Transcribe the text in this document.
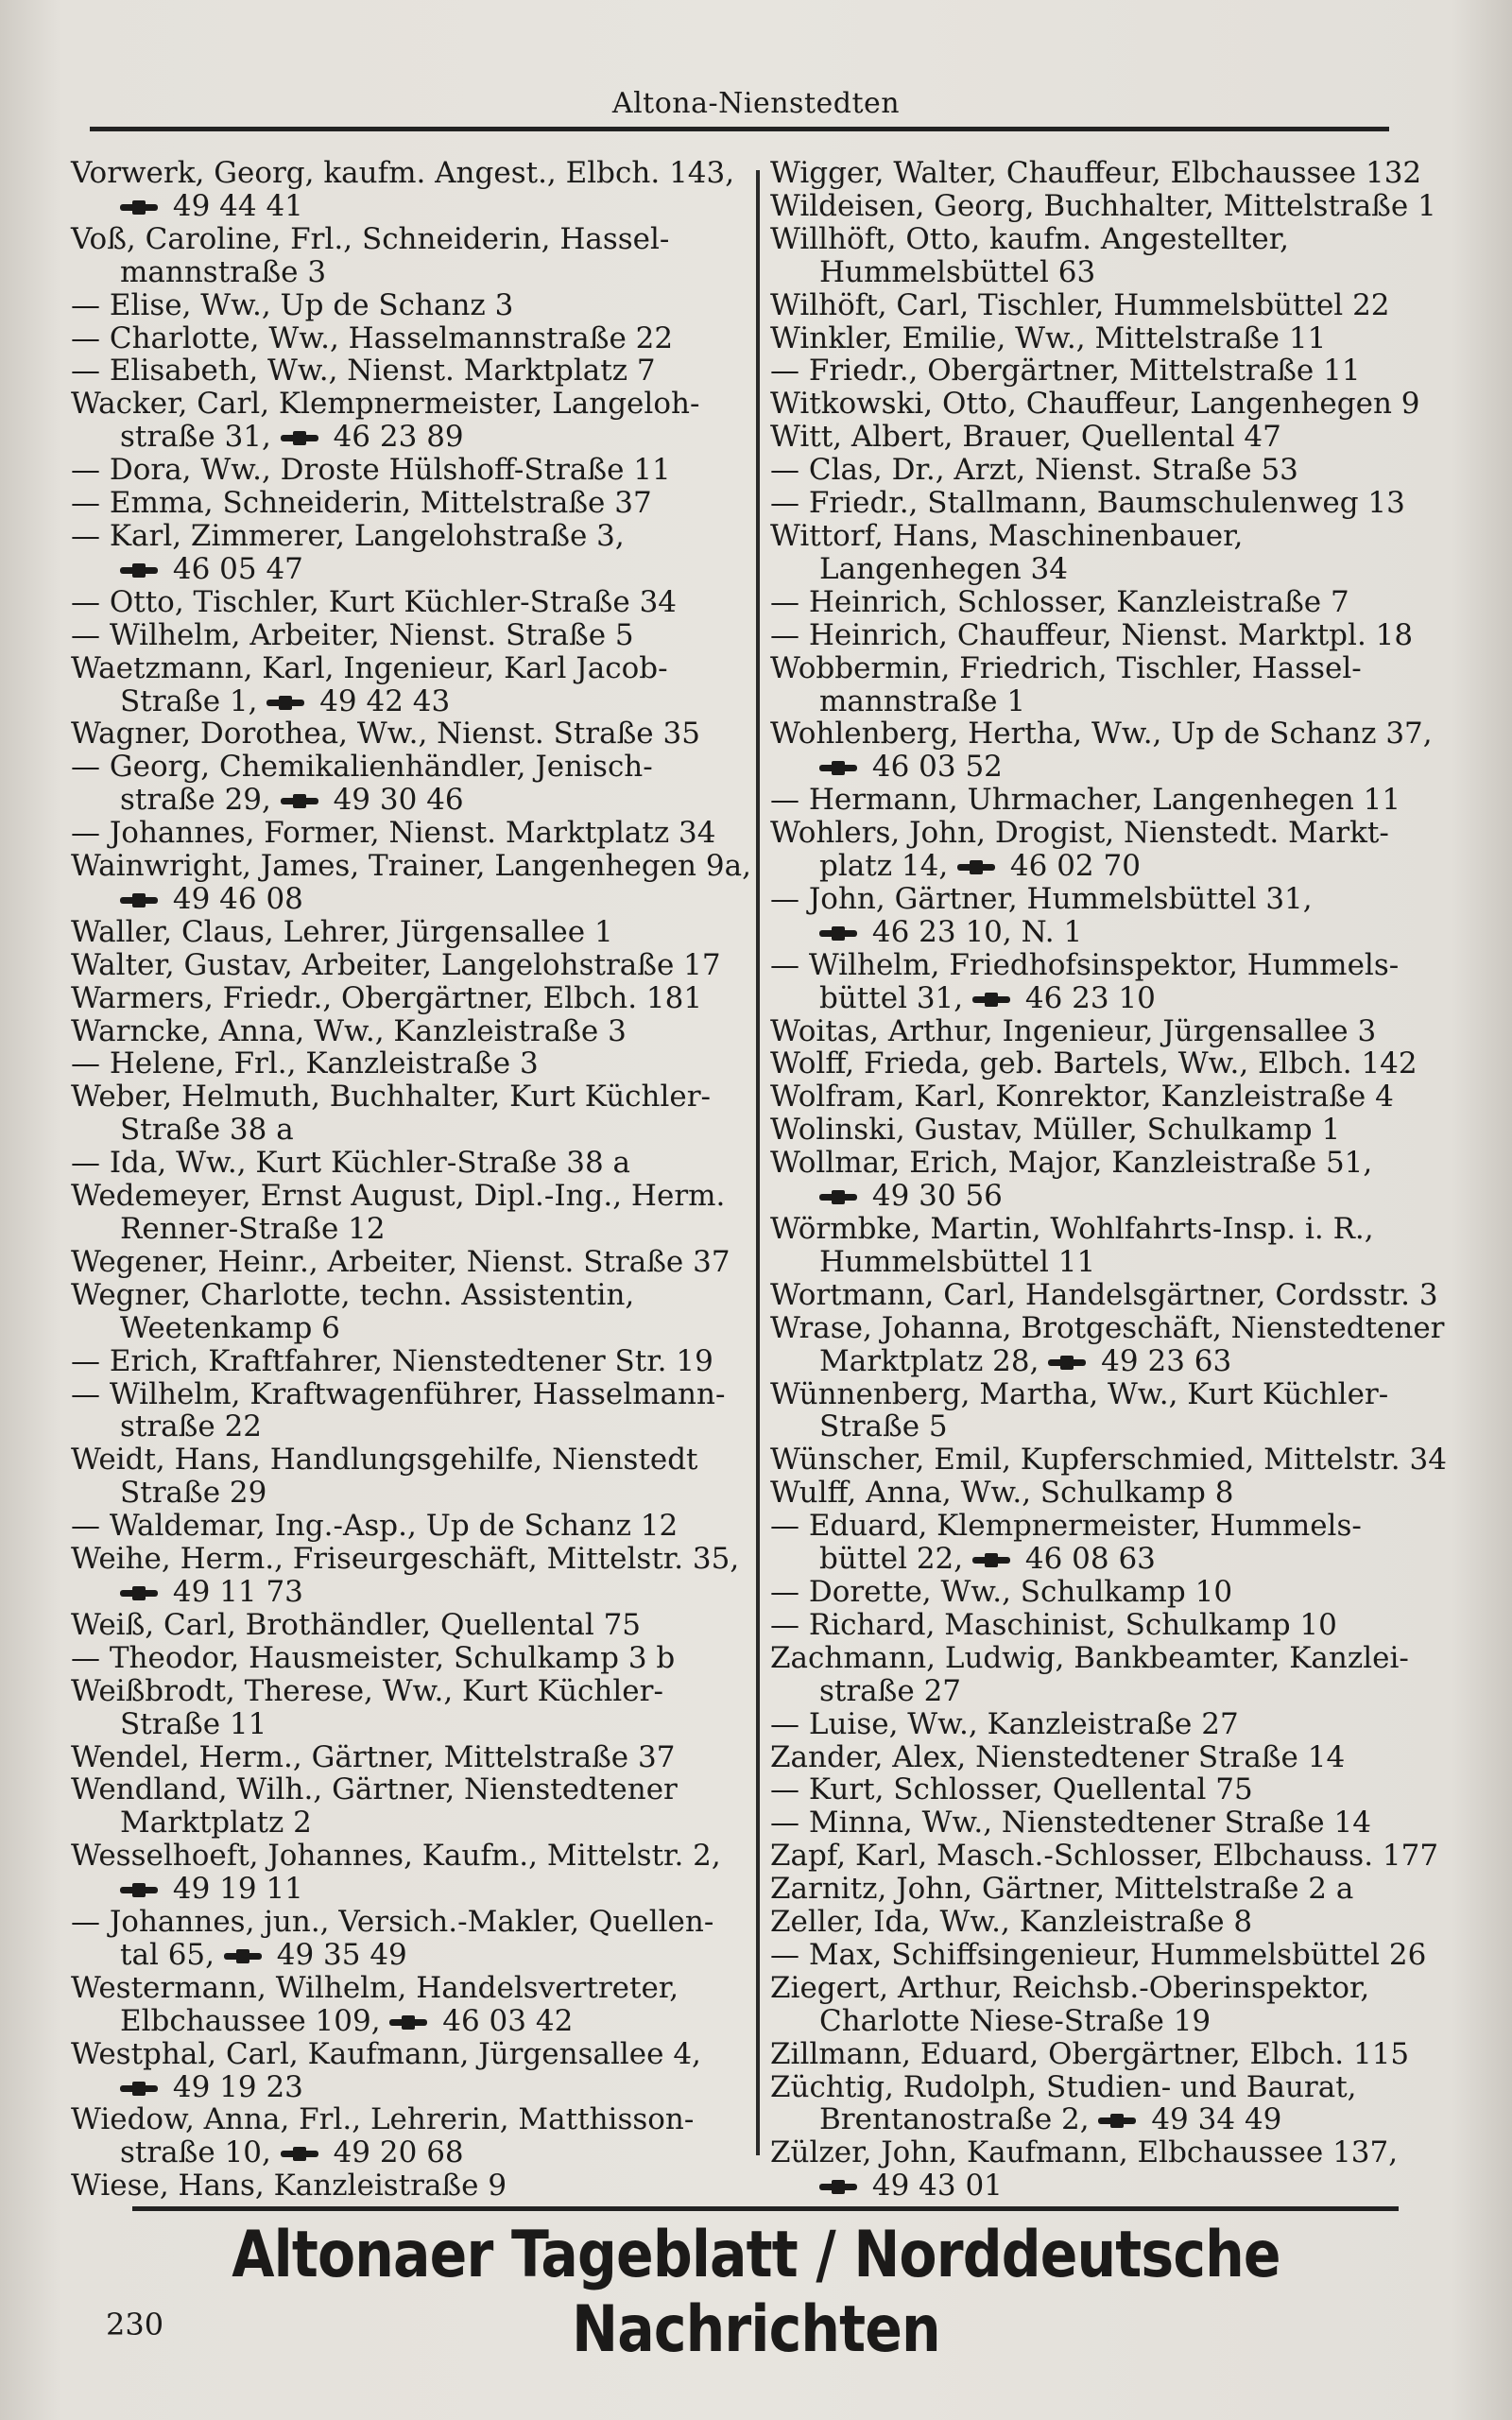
Altona-Nienstedten
Vorwerk, Georg, kaufm. Angest., Elbch. 143,
49 44 41
Voß, Caroline, Frl., Schneiderin, Hassel-
mannstraße 3
— Elise, Ww., Up de Schanz 3
— Charlotte, Ww., Hasselmannstraße 22
— Elisabeth, Ww., Nienst. Marktplatz 7
Wacker, Carl, Klempnermeister, Langeloh-
straße 31,  46 23 89
— Dora, Ww., Droste Hülshoff-Straße 11
— Emma, Schneiderin, Mittelstraße 37
— Karl, Zimmerer, Langelohstraße 3,
46 05 47
— Otto, Tischler, Kurt Küchler-Straße 34
— Wilhelm, Arbeiter, Nienst. Straße 5
Waetzmann, Karl, Ingenieur, Karl Jacob-
Straße 1,  49 42 43
Wagner, Dorothea, Ww., Nienst. Straße 35
— Georg, Chemikalienhändler, Jenisch-
straße 29,  49 30 46
— Johannes, Former, Nienst. Marktplatz 34
Wainwright, James, Trainer, Langenhegen 9a,
49 46 08
Waller, Claus, Lehrer, Jürgensallee 1
Walter, Gustav, Arbeiter, Langelohstraße 17
Warmers, Friedr., Obergärtner, Elbch. 181
Warncke, Anna, Ww., Kanzleistraße 3
— Helene, Frl., Kanzleistraße 3
Weber, Helmuth, Buchhalter, Kurt Küchler-
Straße 38 a
— Ida, Ww., Kurt Küchler-Straße 38 a
Wedemeyer, Ernst August, Dipl.-Ing., Herm.
Renner-Straße 12
Wegener, Heinr., Arbeiter, Nienst. Straße 37
Wegner, Charlotte, techn. Assistentin,
Weetenkamp 6
— Erich, Kraftfahrer, Nienstedtener Str. 19
— Wilhelm, Kraftwagenführer, Hasselmann-
straße 22
Weidt, Hans, Handlungsgehilfe, Nienstedt
Straße 29
— Waldemar, Ing.-Asp., Up de Schanz 12
Weihe, Herm., Friseurgeschäft, Mittelstr. 35,
49 11 73
Weiß, Carl, Brothändler, Quellental 75
— Theodor, Hausmeister, Schulkamp 3 b
Weißbrodt, Therese, Ww., Kurt Küchler-
Straße 11
Wendel, Herm., Gärtner, Mittelstraße 37
Wendland, Wilh., Gärtner, Nienstedtener
Marktplatz 2
Wesselhoeft, Johannes, Kaufm., Mittelstr. 2,
49 19 11
— Johannes, jun., Versich.-Makler, Quellen-
tal 65,  49 35 49
Westermann, Wilhelm, Handelsvertreter,
Elbchaussee 109,  46 03 42
Westphal, Carl, Kaufmann, Jürgensallee 4,
49 19 23
Wiedow, Anna, Frl., Lehrerin, Matthisson-
straße 10,  49 20 68
Wiese, Hans, Kanzleistraße 9
Wigger, Walter, Chauffeur, Elbchaussee 132
Wildeisen, Georg, Buchhalter, Mittelstraße 1
Willhöft, Otto, kaufm. Angestellter,
Hummelsbüttel 63
Wilhöft, Carl, Tischler, Hummelsbüttel 22
Winkler, Emilie, Ww., Mittelstraße 11
— Friedr., Obergärtner, Mittelstraße 11
Witkowski, Otto, Chauffeur, Langenhegen 9
Witt, Albert, Brauer, Quellental 47
— Clas, Dr., Arzt, Nienst. Straße 53
— Friedr., Stallmann, Baumschulenweg 13
Wittorf, Hans, Maschinenbauer,
Langenhegen 34
— Heinrich, Schlosser, Kanzleistraße 7
— Heinrich, Chauffeur, Nienst. Marktpl. 18
Wobbermin, Friedrich, Tischler, Hassel-
mannstraße 1
Wohlenberg, Hertha, Ww., Up de Schanz 37,
46 03 52
— Hermann, Uhrmacher, Langenhegen 11
Wohlers, John, Drogist, Nienstedt. Markt-
platz 14,  46 02 70
— John, Gärtner, Hummelsbüttel 31,
46 23 10, N. 1
— Wilhelm, Friedhofsinspektor, Hummels-
büttel 31,  46 23 10
Woitas, Arthur, Ingenieur, Jürgensallee 3
Wolff, Frieda, geb. Bartels, Ww., Elbch. 142
Wolfram, Karl, Konrektor, Kanzleistraße 4
Wolinski, Gustav, Müller, Schulkamp 1
Wollmar, Erich, Major, Kanzleistraße 51,
49 30 56
Wörmbke, Martin, Wohlfahrts-Insp. i. R.,
Hummelsbüttel 11
Wortmann, Carl, Handelsgärtner, Cordsstr. 3
Wrase, Johanna, Brotgeschäft, Nienstedtener
Marktplatz 28,  49 23 63
Wünnenberg, Martha, Ww., Kurt Küchler-
Straße 5
Wünscher, Emil, Kupferschmied, Mittelstr. 34
Wulff, Anna, Ww., Schulkamp 8
— Eduard, Klempnermeister, Hummels-
büttel 22,  46 08 63
— Dorette, Ww., Schulkamp 10
— Richard, Maschinist, Schulkamp 10
Zachmann, Ludwig, Bankbeamter, Kanzlei-
straße 27
— Luise, Ww., Kanzleistraße 27
Zander, Alex, Nienstedtener Straße 14
— Kurt, Schlosser, Quellental 75
— Minna, Ww., Nienstedtener Straße 14
Zapf, Karl, Masch.-Schlosser, Elbchauss. 177
Zarnitz, John, Gärtner, Mittelstraße 2 a
Zeller, Ida, Ww., Kanzleistraße 8
— Max, Schiffsingenieur, Hummelsbüttel 26
Ziegert, Arthur, Reichsb.-Oberinspektor,
Charlotte Niese-Straße 19
Zillmann, Eduard, Obergärtner, Elbch. 115
Züchtig, Rudolph, Studien- und Baurat,
Brentanostraße 2,  49 34 49
Zülzer, John, Kaufmann, Elbchaussee 137,
49 43 01
Altonaer Tageblatt / Norddeutsche Nachrichten
230
